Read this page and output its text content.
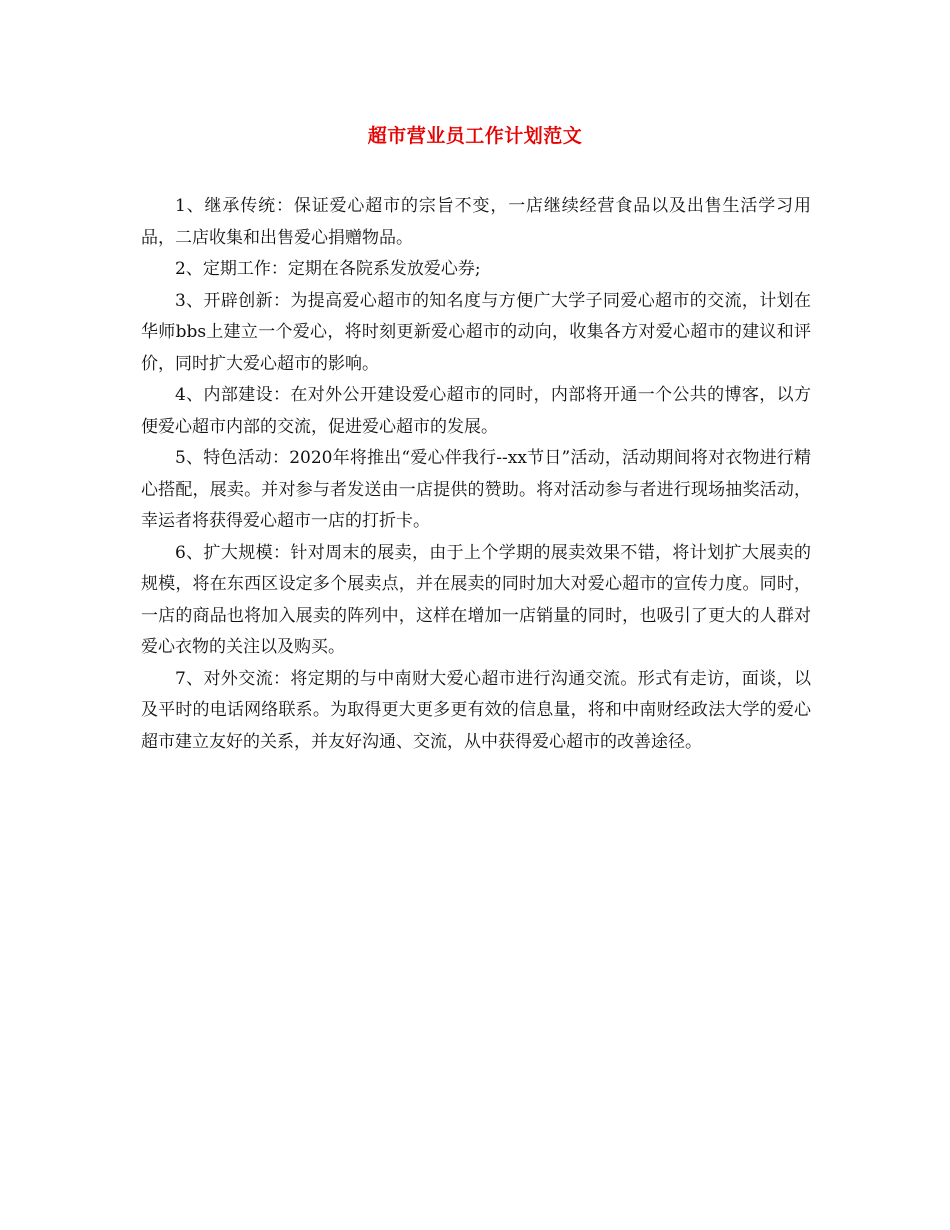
超市营业员工作计划范文

1、继承传统：保证爱心超市的宗旨不变，一店继续经营食品以及出售生活学习用品，二店收集和出售爱心捐赠物品。

2、定期工作：定期在各院系发放爱心券;

3、开辟创新：为提高爱心超市的知名度与方便广大学子同爱心超市的交流，计划在华师bbs上建立一个爱心，将时刻更新爱心超市的动向，收集各方对爱心超市的建议和评价，同时扩大爱心超市的影响。

4、内部建设：在对外公开建设爱心超市的同时，内部将开通一个公共的博客，以方便爱心超市内部的交流，促进爱心超市的发展。

5、特色活动：2020年将推出“爱心伴我行--xx节日”活动，活动期间将对衣物进行精心搭配，展卖。并对参与者发送由一店提供的赞助。将对活动参与者进行现场抽奖活动，幸运者将获得爱心超市一店的打折卡。

6、扩大规模：针对周末的展卖，由于上个学期的展卖效果不错，将计划扩大展卖的规模，将在东西区设定多个展卖点，并在展卖的同时加大对爱心超市的宣传力度。同时，一店的商品也将加入展卖的阵列中，这样在增加一店销量的同时，也吸引了更大的人群对爱心衣物的关注以及购买。

7、对外交流：将定期的与中南财大爱心超市进行沟通交流。形式有走访，面谈，以及平时的电话网络联系。为取得更大更多更有效的信息量，将和中南财经政法大学的爱心超市建立友好的关系，并友好沟通、交流，从中获得爱心超市的改善途径。
